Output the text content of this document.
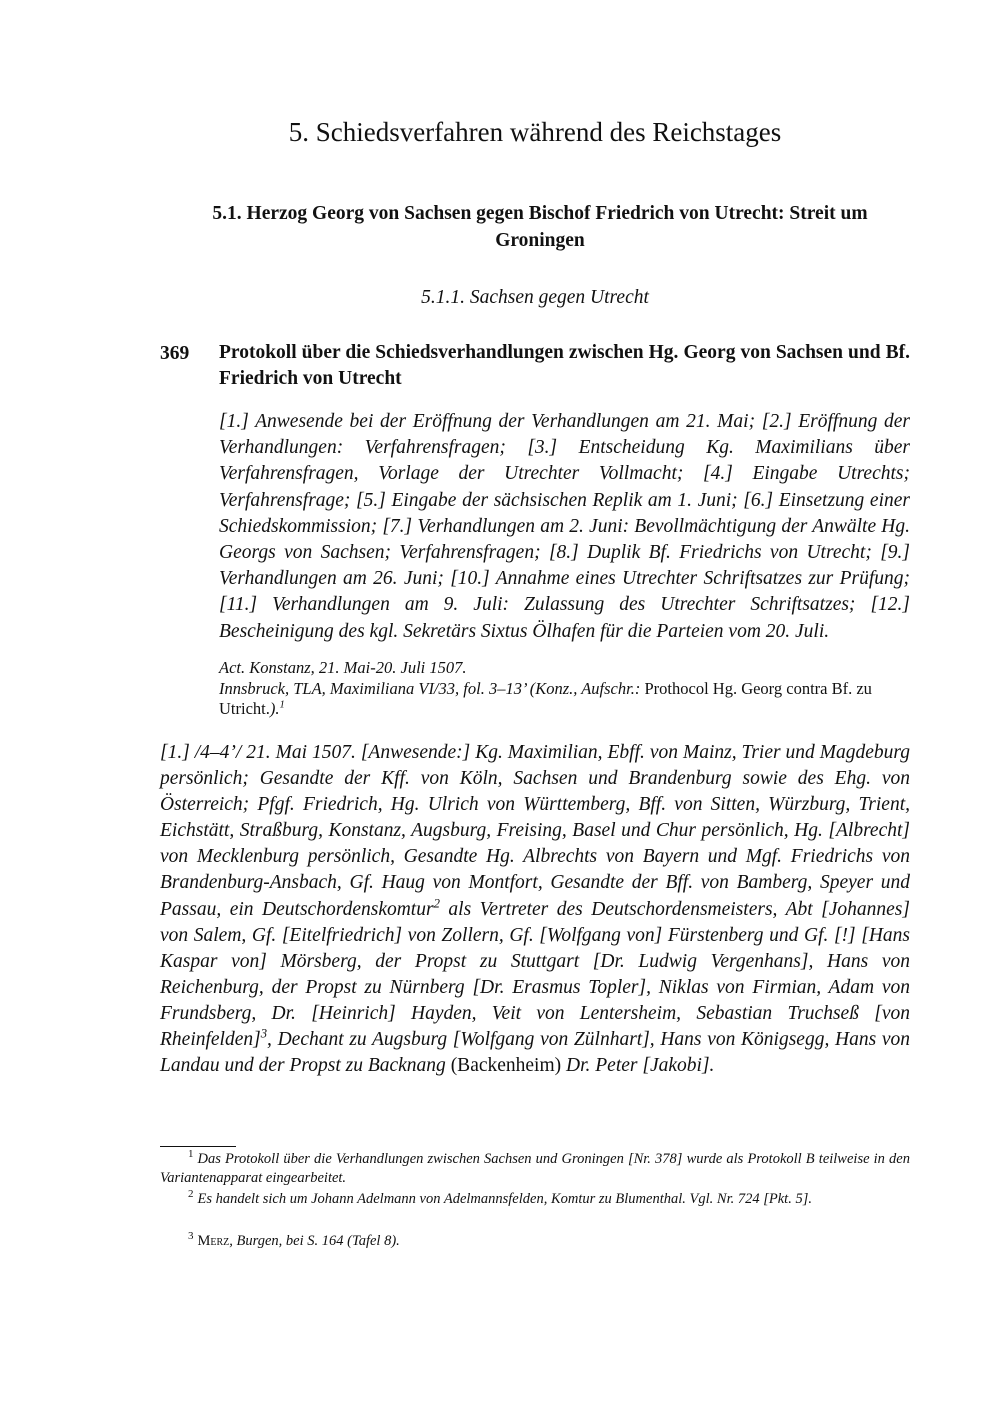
5. Schiedsverfahren während des Reichstages
5.1. Herzog Georg von Sachsen gegen Bischof Friedrich von Utrecht: Streit um Groningen
5.1.1. Sachsen gegen Utrecht
369 Protokoll über die Schiedsverhandlungen zwischen Hg. Georg von Sachsen und Bf. Friedrich von Utrecht
[1.] Anwesende bei der Eröffnung der Verhandlungen am 21. Mai; [2.] Eröffnung der Verhandlungen: Verfahrensfragen; [3.] Entscheidung Kg. Maximilians über Verfahrensfragen, Vorlage der Utrechter Vollmacht; [4.] Eingabe Utrechts; Verfahrensfrage; [5.] Eingabe der sächsischen Replik am 1. Juni; [6.] Einsetzung einer Schiedskommission; [7.] Verhandlungen am 2. Juni: Bevollmächtigung der Anwälte Hg. Georgs von Sachsen; Verfahrensfragen; [8.] Duplik Bf. Friedrichs von Utrecht; [9.] Verhandlungen am 26. Juni; [10.] Annahme eines Utrechter Schriftsatzes zur Prüfung; [11.] Verhandlungen am 9. Juli: Zulassung des Utrechter Schriftsatzes; [12.] Bescheinigung des kgl. Sekretärs Sixtus Ölhafen für die Parteien vom 20. Juli.
Act. Konstanz, 21. Mai-20. Juli 1507.
Innsbruck, TLA, Maximiliana VI/33, fol. 3–13’ (Konz., Aufschr.: Prothocol Hg. Georg contra Bf. zu Utricht.).$^1$
[1.] /4–4’/ 21. Mai 1507. [Anwesende:] Kg. Maximilian, Ebff. von Mainz, Trier und Magdeburg persönlich; Gesandte der Kff. von Köln, Sachsen und Brandenburg sowie des Ehg. von Österreich; Pfgf. Friedrich, Hg. Ulrich von Württemberg, Bff. von Sitten, Würzburg, Trient, Eichstätt, Straßburg, Konstanz, Augsburg, Freising, Basel und Chur persönlich, Hg. [Albrecht] von Mecklenburg persönlich, Gesandte Hg. Albrechts von Bayern und Mgf. Friedrichs von Brandenburg-Ansbach, Gf. Haug von Montfort, Gesandte der Bff. von Bamberg, Speyer und Passau, ein Deutschordenskomtur$^2$ als Vertreter des Deutschordensmeisters, Abt [Johannes] von Salem, Gf. [Eitelfriedrich] von Zollern, Gf. [Wolfgang von] Fürstenberg und Gf. [!] [Hans Kaspar von] Mörsberg, der Propst zu Stuttgart [Dr. Ludwig Vergenhans], Hans von Reichenburg, der Propst zu Nürnberg [Dr. Erasmus Topler], Niklas von Firmian, Adam von Frundsberg, Dr. [Heinrich] Hayden, Veit von Lentersheim, Sebastian Truchseß [von Rheinfelden]$^3$, Dechant zu Augsburg [Wolfgang von Zülnhart], Hans von Königsegg, Hans von Landau und der Propst zu Backnang (Backenheim) Dr. Peter [Jakobi].
$^1$ Das Protokoll über die Verhandlungen zwischen Sachsen und Groningen [Nr. 378] wurde als Protokoll B teilweise in den Variantenapparat eingearbeitet.
$^2$ Es handelt sich um Johann Adelmann von Adelmannsfelden, Komtur zu Blumenthal. Vgl. Nr. 724 [Pkt. 5].
$^3$ Merz, Burgen, bei S. 164 (Tafel 8).
